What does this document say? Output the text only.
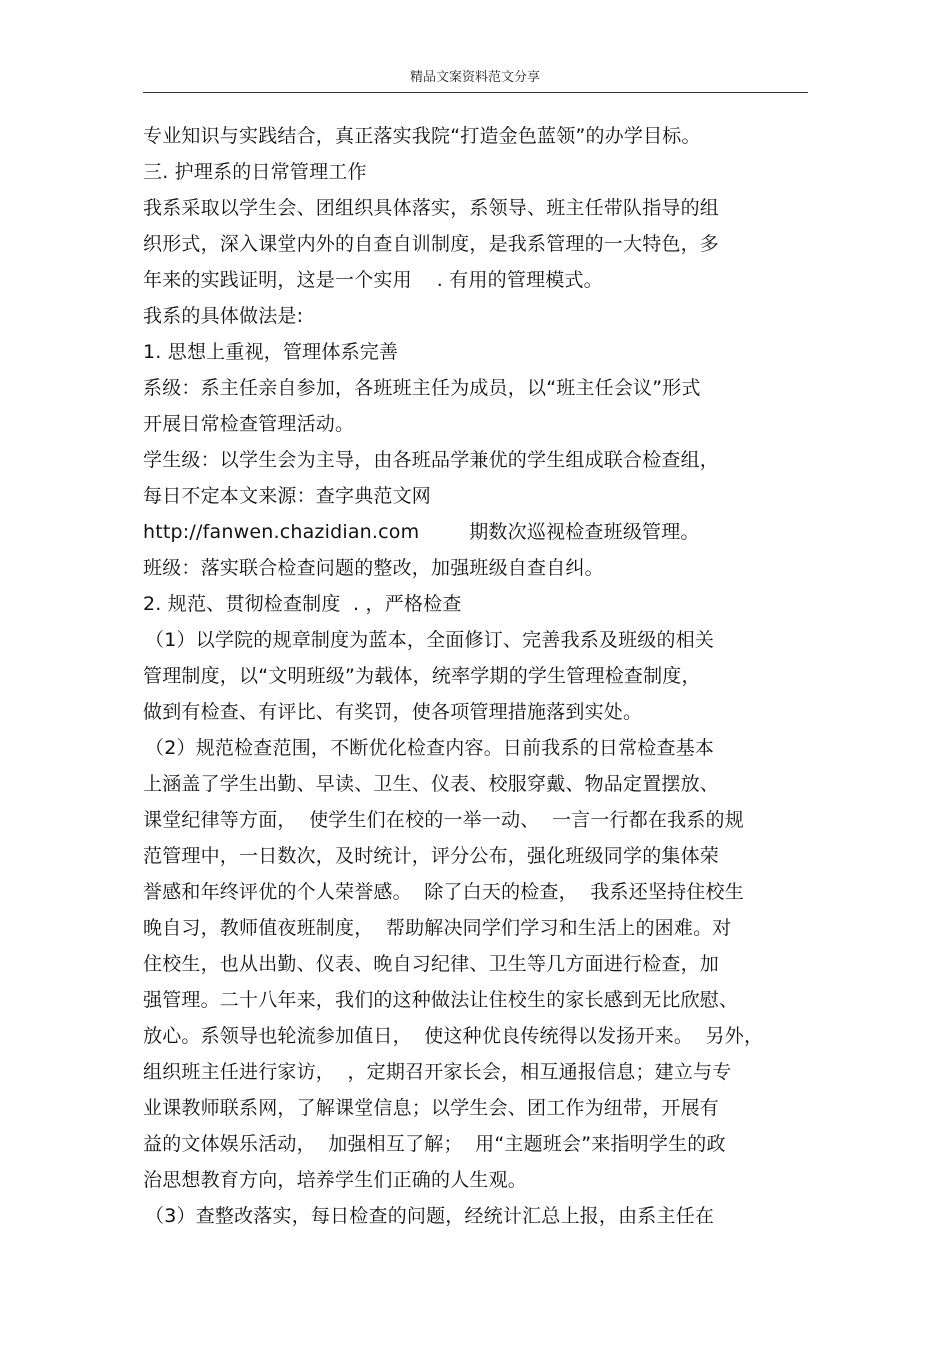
精品文案资料范文分享
专业知识与实践结合，真正落实我院“打造金色蓝领”的办学目标。
三. 护理系的日常管理工作
我系采取以学生会、团组织具体落实，系领导、班主任带队指导的组
织形式，深入课堂内外的自查自训制度，是我系管理的一大特色，多
年来的实践证明，这是一个实用    . 有用的管理模式。
我系的具体做法是:
1. 思想上重视，管理体系完善
系级：系主任亲自参加，各班班主任为成员，以“班主任会议”形式
开展日常检查管理活动。
学生级：以学生会为主导，由各班品学兼优的学生组成联合检查组，
每日不定本文来源：查字典范文网
http://fanwen.chazidian.com        期数次巡视检查班级管理。
班级：落实联合检查问题的整改，加强班级自查自纠。
2. 规范、贯彻检查制度  . ，严格检查
（1）以学院的规章制度为蓝本，全面修订、完善我系及班级的相关
管理制度，以“文明班级”为载体，统率学期的学生管理检查制度，
做到有检查、有评比、有奖罚，使各项管理措施落到实处。
（2）规范检查范围，不断优化检查内容。日前我系的日常检查基本
上涵盖了学生出勤、早读、卫生、仪表、校服穿戴、物品定置摆放、
课堂纪律等方面，  使学生们在校的一举一动、  一言一行都在我系的规
范管理中，一日数次，及时统计，评分公布，强化班级同学的集体荣
誉感和年终评优的个人荣誉感。  除了白天的检查，  我系还坚持住校生
晚自习，教师值夜班制度，  帮助解决同学们学习和生活上的困难。对
住校生，也从出勤、仪表、晚自习纪律、卫生等几方面进行检查，加
强管理。二十八年来，我们的这种做法让住校生的家长感到无比欣慰、
放心。系领导也轮流参加值日，  使这种优良传统得以发扬开来。  另外，
组织班主任进行家访，  ，定期召开家长会，相互通报信息；建立与专
业课教师联系网，了解课堂信息；以学生会、团工作为纽带，开展有
益的文体娱乐活动，  加强相互了解；  用“主题班会”来指明学生的政
治思想教育方向，培养学生们正确的人生观。
（3）查整改落实，每日检查的问题，经统计汇总上报，由系主任在
